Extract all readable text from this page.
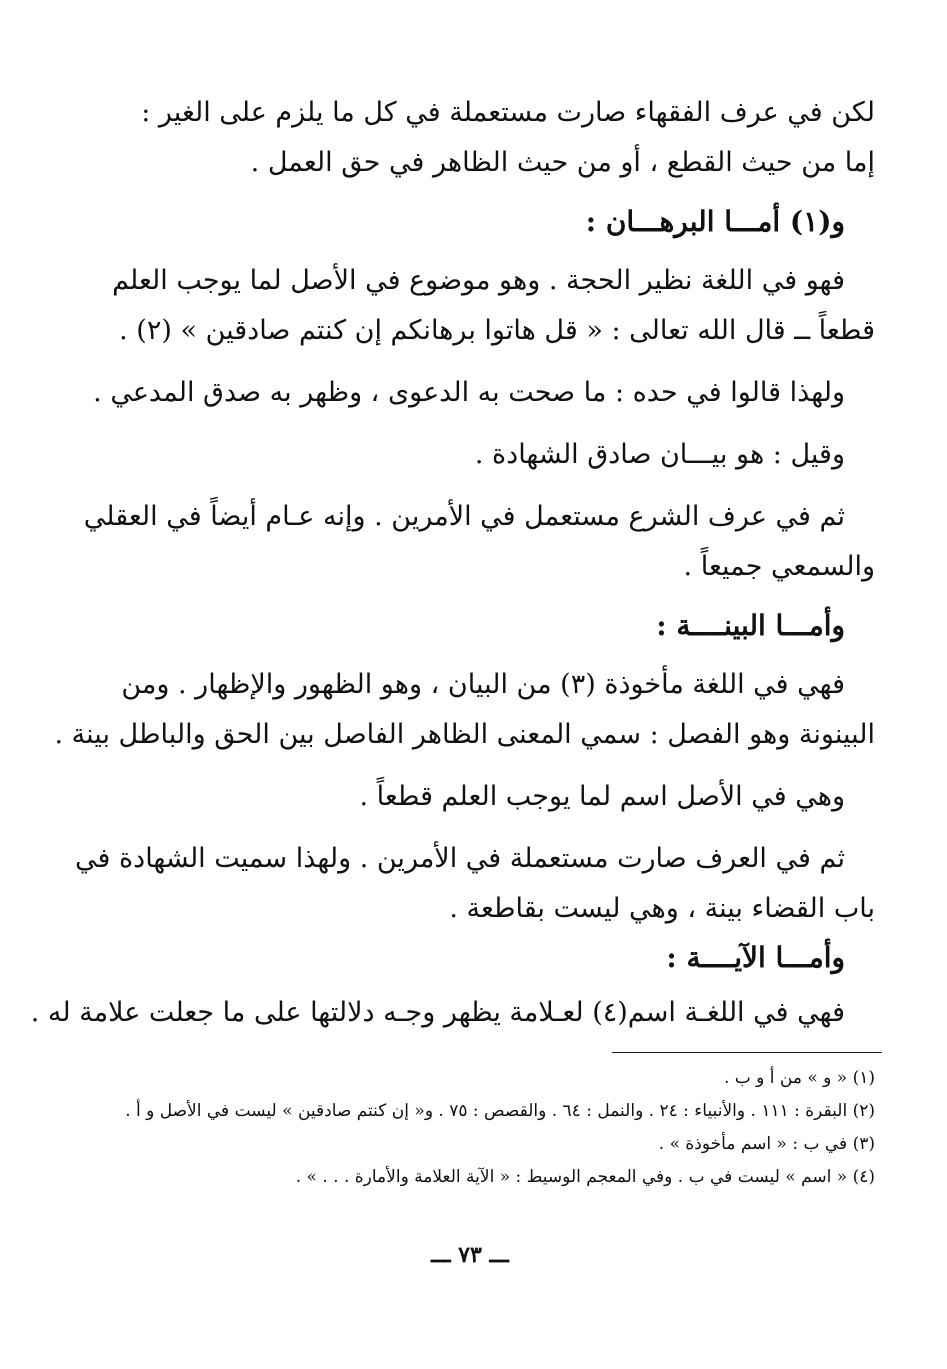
لكن في عرف الفقهاء صارت مستعملة في كل ما يلزم على الغير :
إما من حيث القطع ، أو من حيث الظاهر في حق العمل .
و(١) أمـــا البرهـــان :
فهو في اللغة نظير الحجة . وهو موضوع في الأصل لما يوجب العلم
قطعاً ــ قال الله تعالى : « قل هاتوا برهانكم إن كنتم صادقين » (٢) .
ولهذا قالوا في حده : ما صحت به الدعوى ، وظهر به صدق المدعي .
وقيل : هو بيـــان صادق الشهادة .
ثم في عرف الشرع مستعمل في الأمرين . وإنه عـام أيضاً في العقلي
والسمعي جميعاً .
وأمـــا البينــــة :
فهي في اللغة مأخوذة (٣) من البيان ، وهو الظهور والإظهار . ومن
البينونة وهو الفصل : سمي المعنى الظاهر الفاصل بين الحق والباطل بينة .
وهي في الأصل اسم لما يوجب العلم قطعاً .
ثم في العرف صارت مستعملة في الأمرين . ولهذا سميت الشهادة في
باب القضاء بينة ، وهي ليست بقاطعة .
وأمـــا الآيــــة :
فهي في اللغـة اسم(٤) لعـلامة يظهر وجـه دلالتها على ما جعلت علامة له .
(١) « و » من أ و ب .
(٢) البقرة : ١١١ . والأنبياء : ٢٤ . والنمل : ٦٤ . والقصص : ٧٥ . و« إن كنتم صادقين » ليست في الأصل و أ .
(٣) في ب : « اسم مأخوذة » .
(٤) « اسم » ليست في ب . وفي المعجم الوسيط : « الآية العلامة والأمارة . . . » .
ـــ ٧٣ ـــ
